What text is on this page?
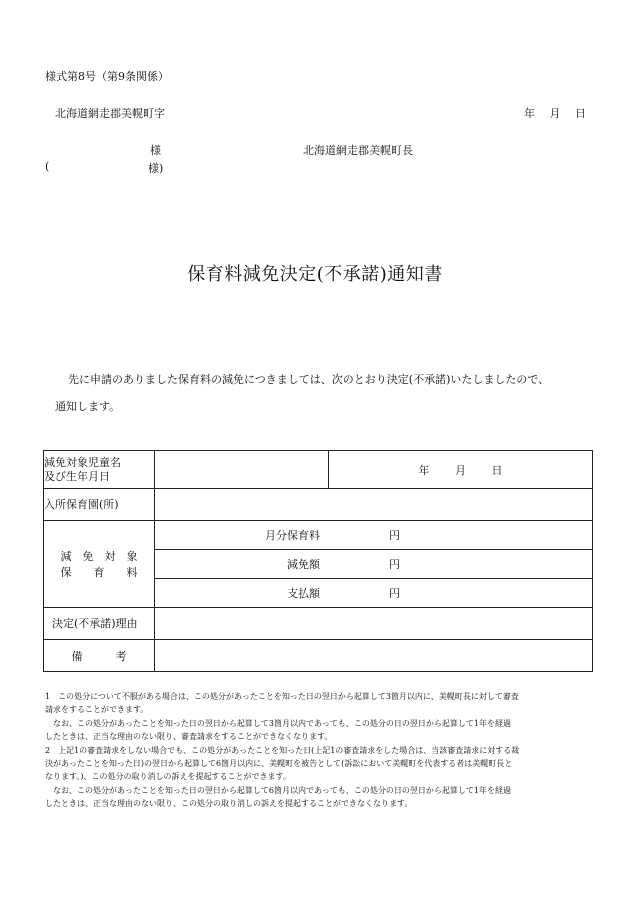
様式第8号（第9条関係）
北海道網走郡美幌町字	年　 月　 日
様	北海道網走郡美幌町長
(	様)
保育料減免決定(不承諾)通知書
先に申請のありました保育料の減免につきましては、次のとおり決定(不承諾)いたしましたので、
通知します。
減免対象児童名
及び生年月日		年　　 月　　 日
入所保育園(所)		

減　免　対　象
保　　育　　料	月分保育料 円	
	減免額 円	
	支払額 円	
決定(不承諾)理由		
備　　　考		

1　この処分について不服がある場合は、この処分があったことを知った日の翌日から起算して3箇月以内に、美幌町長に対して審査

請求をすることができます。

　なお、この処分があったことを知った日の翌日から起算して3箇月以内であっても、この処分の日の翌日から起算して1年を経過

したときは、正当な理由のない限り、審査請求をすることができなくなります。

2　上記1の審査請求をしない場合でも、この処分があったことを知った日(上記1の審査請求をした場合は、当該審査請求に対する裁

決があったことを知った日)の翌日から起算して6箇月以内に、美幌町を被告として(訴訟において美幌町を代表する者は美幌町長と

なります。)、この処分の取り消しの訴えを提起することができます。

　なお、この処分があったことを知った日の翌日から起算して6箇月以内であっても、この処分の日の翌日から起算して1年を経過

したときは、正当な理由のない限り、この処分の取り消しの訴えを提起することができなくなります。
